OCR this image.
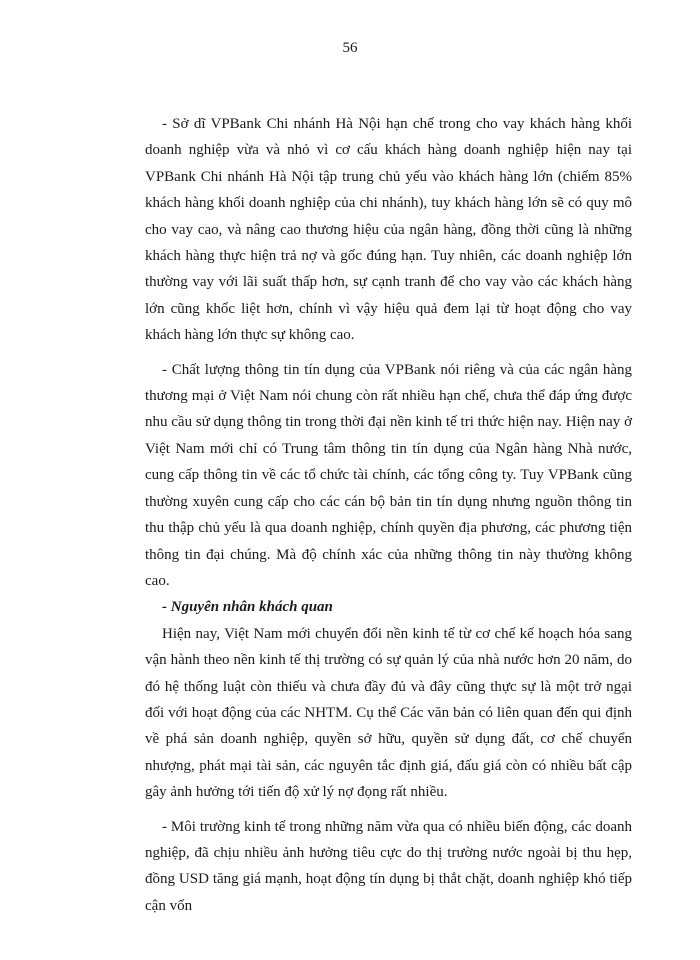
56

- Sở dĩ VPBank Chi nhánh Hà Nội hạn chế trong cho vay khách hàng khối doanh nghiệp vừa và nhỏ vì cơ cấu khách hàng doanh nghiệp hiện nay tại VPBank Chi nhánh Hà Nội tập trung chủ yếu vào khách hàng lớn (chiếm 85% khách hàng khối doanh nghiệp của chi nhánh), tuy khách hàng lớn sẽ có quy mô cho vay cao, và nâng cao thương hiệu của ngân hàng, đồng thời cũng là những khách hàng thực hiện trả nợ và gốc đúng hạn. Tuy nhiên, các doanh nghiệp lớn thường vay với lãi suất thấp hơn, sự cạnh tranh để cho vay vào các khách hàng lớn cũng khốc liệt hơn, chính vì vậy hiệu quả đem lại từ hoạt động cho vay khách hàng lớn thực sự không cao.

- Chất lượng thông tin tín dụng của VPBank nói riêng và của các ngân hàng thương mại ở Việt Nam nói chung còn rất nhiều hạn chế, chưa thể đáp ứng được nhu cầu sử dụng thông tin trong thời đại nền kinh tế tri thức hiện nay. Hiện nay ở Việt Nam mới chỉ có Trung tâm thông tin tín dụng của Ngân hàng Nhà nước, cung cấp thông tin về các tổ chức tài chính, các tổng công ty. Tuy VPBank cũng thường xuyên cung cấp cho các cán bộ bản tin tín dụng nhưng nguồn thông tin thu thập chủ yếu là qua doanh nghiệp, chính quyền địa phương, các phương tiện thông tin đại chúng. Mà độ chính xác của những thông tin này thường không cao.

- Nguyên nhân khách quan

Hiện nay, Việt Nam mới chuyển đổi nền kinh tế từ cơ chế kế hoạch hóa sang vận hành theo nền kinh tế thị trường có sự quản lý của nhà nước hơn 20 năm, do đó hệ thống luật còn thiếu và chưa đầy đủ và đây cũng thực sự là một trở ngại đối với hoạt động của các NHTM. Cụ thể Các văn bản có liên quan đến qui định về phá sản doanh nghiệp, quyền sở hữu, quyền sử dụng đất, cơ chế chuyển nhượng, phát mại tài sản, các nguyên tắc định giá, đấu giá còn có nhiều bất cập gây ảnh hưởng tới tiến độ xử lý nợ đọng rất nhiều.

- Môi trường kinh tế trong những năm vừa qua có nhiều biến động, các doanh nghiệp, đã chịu nhiều ảnh hưởng tiêu cực do thị trường nước ngoài bị thu hẹp, đồng USD tăng giá mạnh, hoạt động tín dụng bị thắt chặt, doanh nghiệp khó tiếp cận vốn
